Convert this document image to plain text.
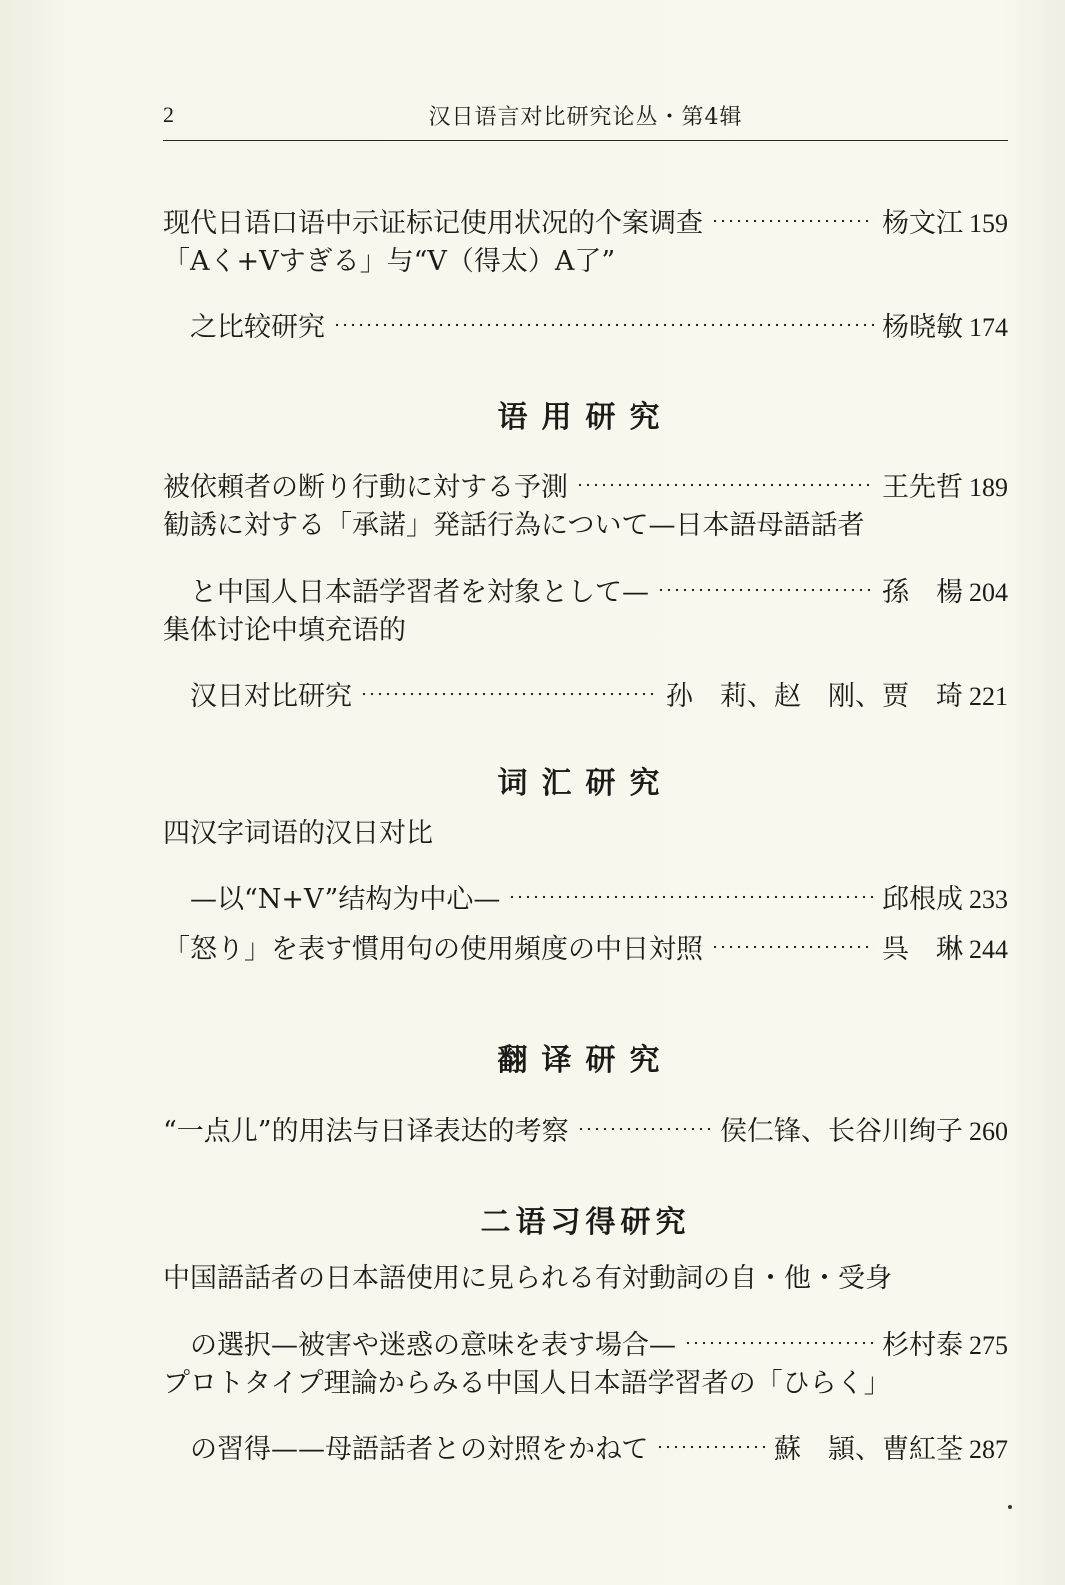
2	汉日语言对比研究论丛・第4辑
现代日语口语中示证标记使用状况的个案调查	杨文江 159
「Aく+Vすぎる」与“V（得太）A了”
之比较研究	杨晓敏 174
语用研究
被依頼者の断り行動に対する予測	王先哲 189
勧誘に対する「承諾」発話行為について—日本語母語話者
と中国人日本語学習者を対象として—	孫　楊 204
集体讨论中填充语的
汉日对比研究	孙　莉、赵　刚、贾　琦 221
词汇研究
四汉字词语的汉日对比
—以“N+V”结构为中心—	邱根成 233
「怒り」を表す慣用句の使用頻度の中日対照	呉　琳 244
翻译研究
“一点儿”的用法与日译表达的考察	侯仁锋、长谷川绚子 260
二语习得研究
中国語話者の日本語使用に見られる有対動詞の自・他・受身
の選択—被害や迷惑の意味を表す場合—	杉村泰 275
プロトタイプ理論からみる中国人日本語学習者の「ひらく」
の習得——母語話者との対照をかねて	蘇　頴、曹紅荃 287
